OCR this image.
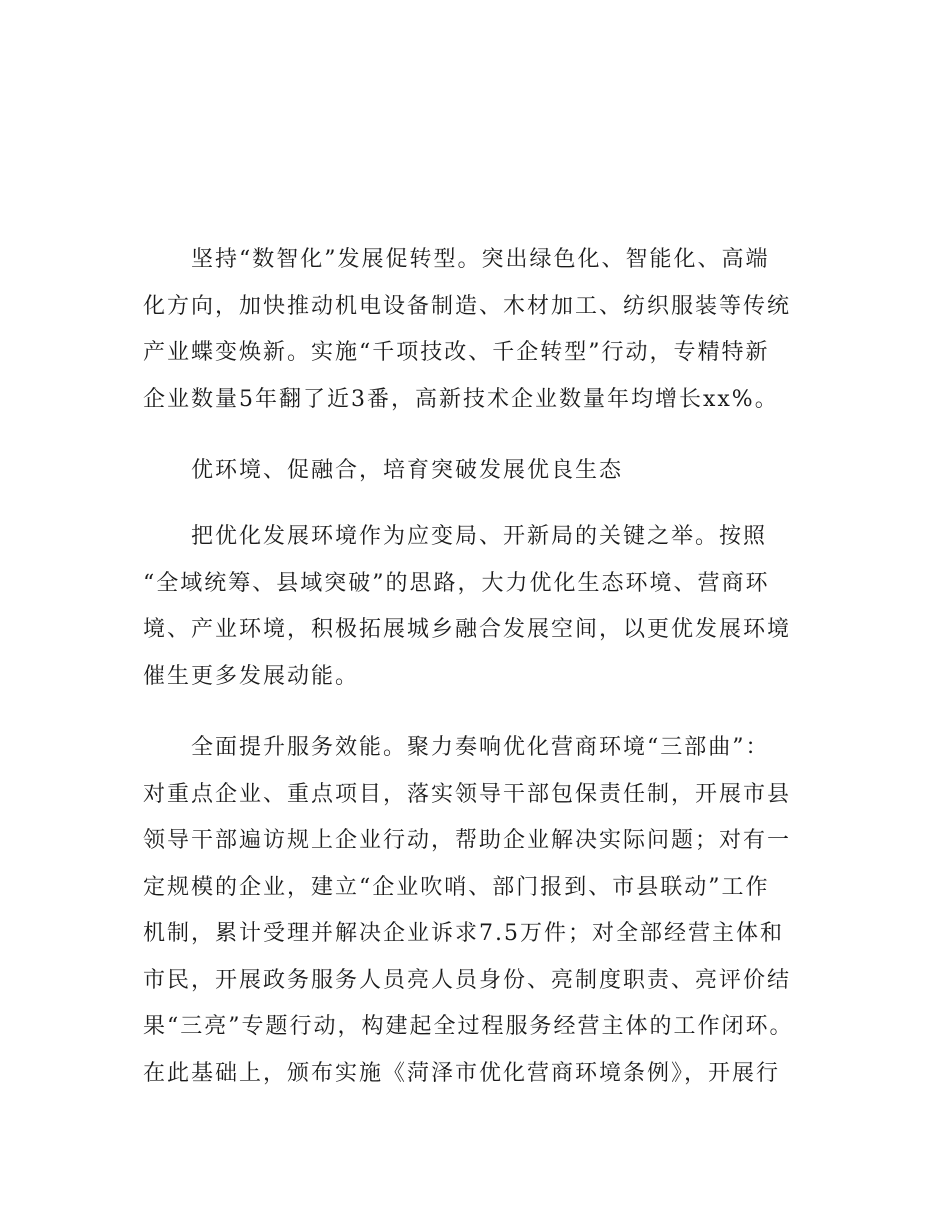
坚持“数智化”发展促转型。突出绿色化、智能化、高端
化方向，加快推动机电设备制造、木材加工、纺织服装等传统
产业蝶变焕新。实施“千项技改、千企转型”行动，专精特新
企业数量5年翻了近3番，高新技术企业数量年均增长xx%。
优环境、促融合，培育突破发展优良生态
把优化发展环境作为应变局、开新局的关键之举。按照
“全域统筹、县域突破”的思路，大力优化生态环境、营商环
境、产业环境，积极拓展城乡融合发展空间，以更优发展环境
催生更多发展动能。
全面提升服务效能。聚力奏响优化营商环境“三部曲”：
对重点企业、重点项目，落实领导干部包保责任制，开展市县
领导干部遍访规上企业行动，帮助企业解决实际问题；对有一
定规模的企业，建立“企业吹哨、部门报到、市县联动”工作
机制，累计受理并解决企业诉求7.5万件；对全部经营主体和
市民，开展政务服务人员亮人员身份、亮制度职责、亮评价结
果“三亮”专题行动，构建起全过程服务经营主体的工作闭环。
在此基础上，颁布实施《菏泽市优化营商环境条例》，开展行
